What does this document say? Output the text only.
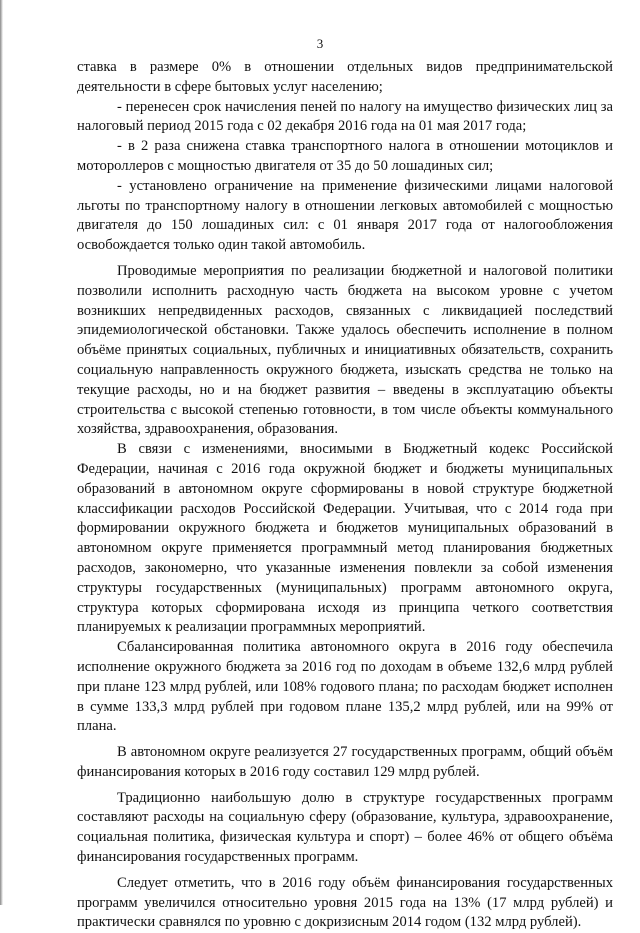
3

ставка в размере 0% в отношении отдельных видов предпринимательской деятельности в сфере бытовых услуг населению;

- перенесен срок начисления пеней по налогу на имущество физических лиц за налоговый период 2015 года с 02 декабря 2016 года на 01 мая 2017 года;

- в 2 раза снижена ставка транспортного налога в отношении мотоциклов и мотороллеров с мощностью двигателя от 35 до 50 лошадиных сил;

- установлено ограничение на применение физическими лицами налоговой льготы по транспортному налогу в отношении легковых автомобилей с мощностью двигателя до 150 лошадиных сил: с 01 января 2017 года от налогообложения освобождается только один такой автомобиль.

Проводимые мероприятия по реализации бюджетной и налоговой политики позволили исполнить расходную часть бюджета на высоком уровне с учетом возникших непредвиденных расходов, связанных с ликвидацией последствий эпидемиологической обстановки. Также удалось обеспечить исполнение в полном объёме принятых социальных, публичных и инициативных обязательств, сохранить социальную направленность окружного бюджета, изыскать средства не только на текущие расходы, но и на бюджет развития – введены в эксплуатацию объекты строительства с высокой степенью готовности, в том числе объекты коммунального хозяйства, здравоохранения, образования.

В связи с изменениями, вносимыми в Бюджетный кодекс Российской Федерации, начиная с 2016 года окружной бюджет и бюджеты муниципальных образований в автономном округе сформированы в новой структуре бюджетной классификации расходов Российской Федерации. Учитывая, что с 2014 года при формировании окружного бюджета и бюджетов муниципальных образований в автономном округе применяется программный метод планирования бюджетных расходов, закономерно, что указанные изменения повлекли за собой изменения структуры государственных (муниципальных) программ автономного округа, структура которых сформирована исходя из принципа четкого соответствия планируемых к реализации программных мероприятий.

Сбалансированная политика автономного округа в 2016 году обеспечила исполнение окружного бюджета за 2016 год по доходам в объеме 132,6 млрд рублей при плане 123 млрд рублей, или 108% годового плана; по расходам бюджет исполнен в сумме 133,3 млрд рублей при годовом плане 135,2 млрд рублей, или на 99% от плана.

В автономном округе реализуется 27 государственных программ, общий объём финансирования которых в 2016 году составил 129 млрд рублей.

Традиционно наибольшую долю в структуре государственных программ составляют расходы на социальную сферу (образование, культура, здравоохранение, социальная политика, физическая культура и спорт) – более 46% от общего объёма финансирования государственных программ.

Следует отметить, что в 2016 году объём финансирования государственных программ увеличился относительно уровня 2015 года на 13% (17 млрд рублей) и практически сравнялся по уровню с докризисным 2014 годом (132 млрд рублей).
